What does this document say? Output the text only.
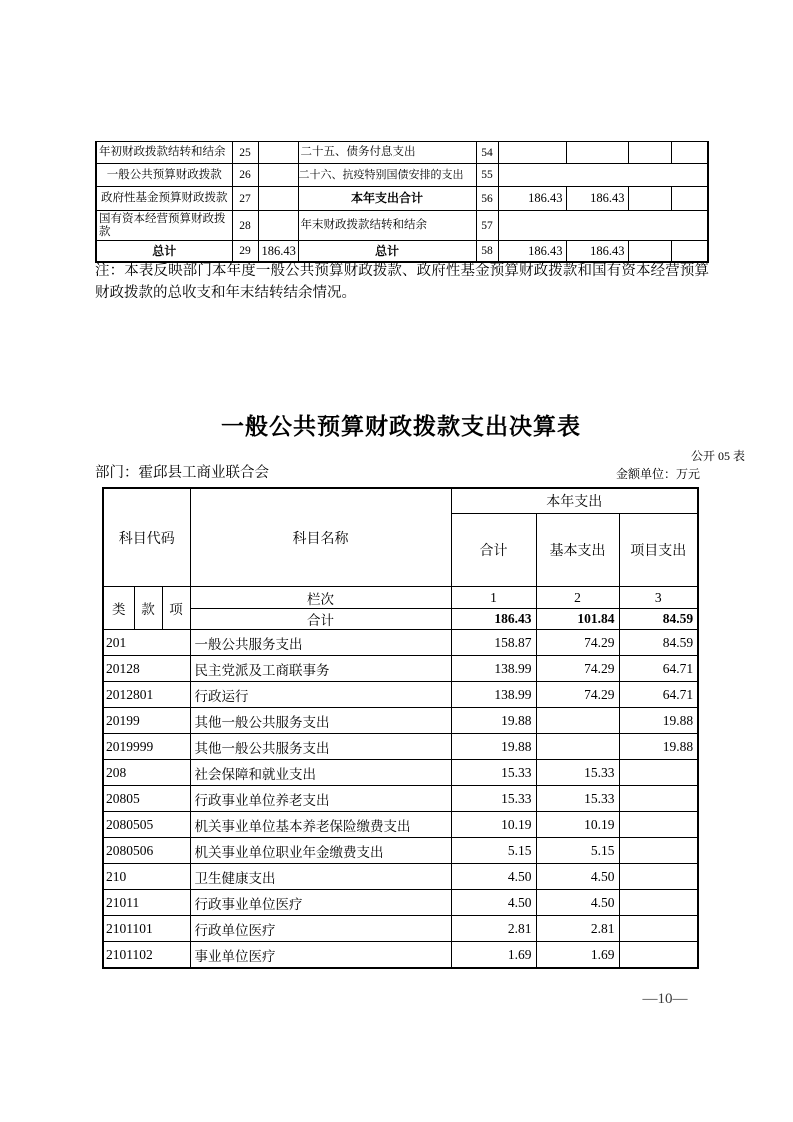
年初财政拨款结转和结余	25		二十五、债务付息支出	54				
一般公共预算财政拨款	26		二十六、抗疫特别国债安排的支出	55				
政府性基金预算财政拨款	27		本年支出合计	56	186.43	186.43		
国有资本经营预算财政拨款	28		年末财政拨款结转和结余	57				
总计	29	186.43	总计	58	186.43	186.43		
注：本表反映部门本年度一般公共预算财政拨款、政府性基金预算财政拨款和国有资本经营预算财政拨款的总收支和年末结转结余情况。
一般公共预算财政拨款支出决算表
公开 05 表
部门：霍邱县工商业联合会	金额单位：万元
科目代码			科目名称	本年支出		
				合计	基本支出	项目支出
类	款	项	栏次	1	2	3
			合计	186.43	101.84	84.59
201			一般公共服务支出	158.87	74.29	84.59
20128			民主党派及工商联事务	138.99	74.29	64.71
2012801			行政运行	138.99	74.29	64.71
20199			其他一般公共服务支出	19.88		19.88
2019999			其他一般公共服务支出	19.88		19.88
208			社会保障和就业支出	15.33	15.33	
20805			行政事业单位养老支出	15.33	15.33	
2080505			机关事业单位基本养老保险缴费支出	10.19	10.19	
2080506			机关事业单位职业年金缴费支出	5.15	5.15	
210			卫生健康支出	4.50	4.50	
21011			行政事业单位医疗	4.50	4.50	
2101101			行政单位医疗	2.81	2.81	
2101102			事业单位医疗	1.69	1.69	
—10—
